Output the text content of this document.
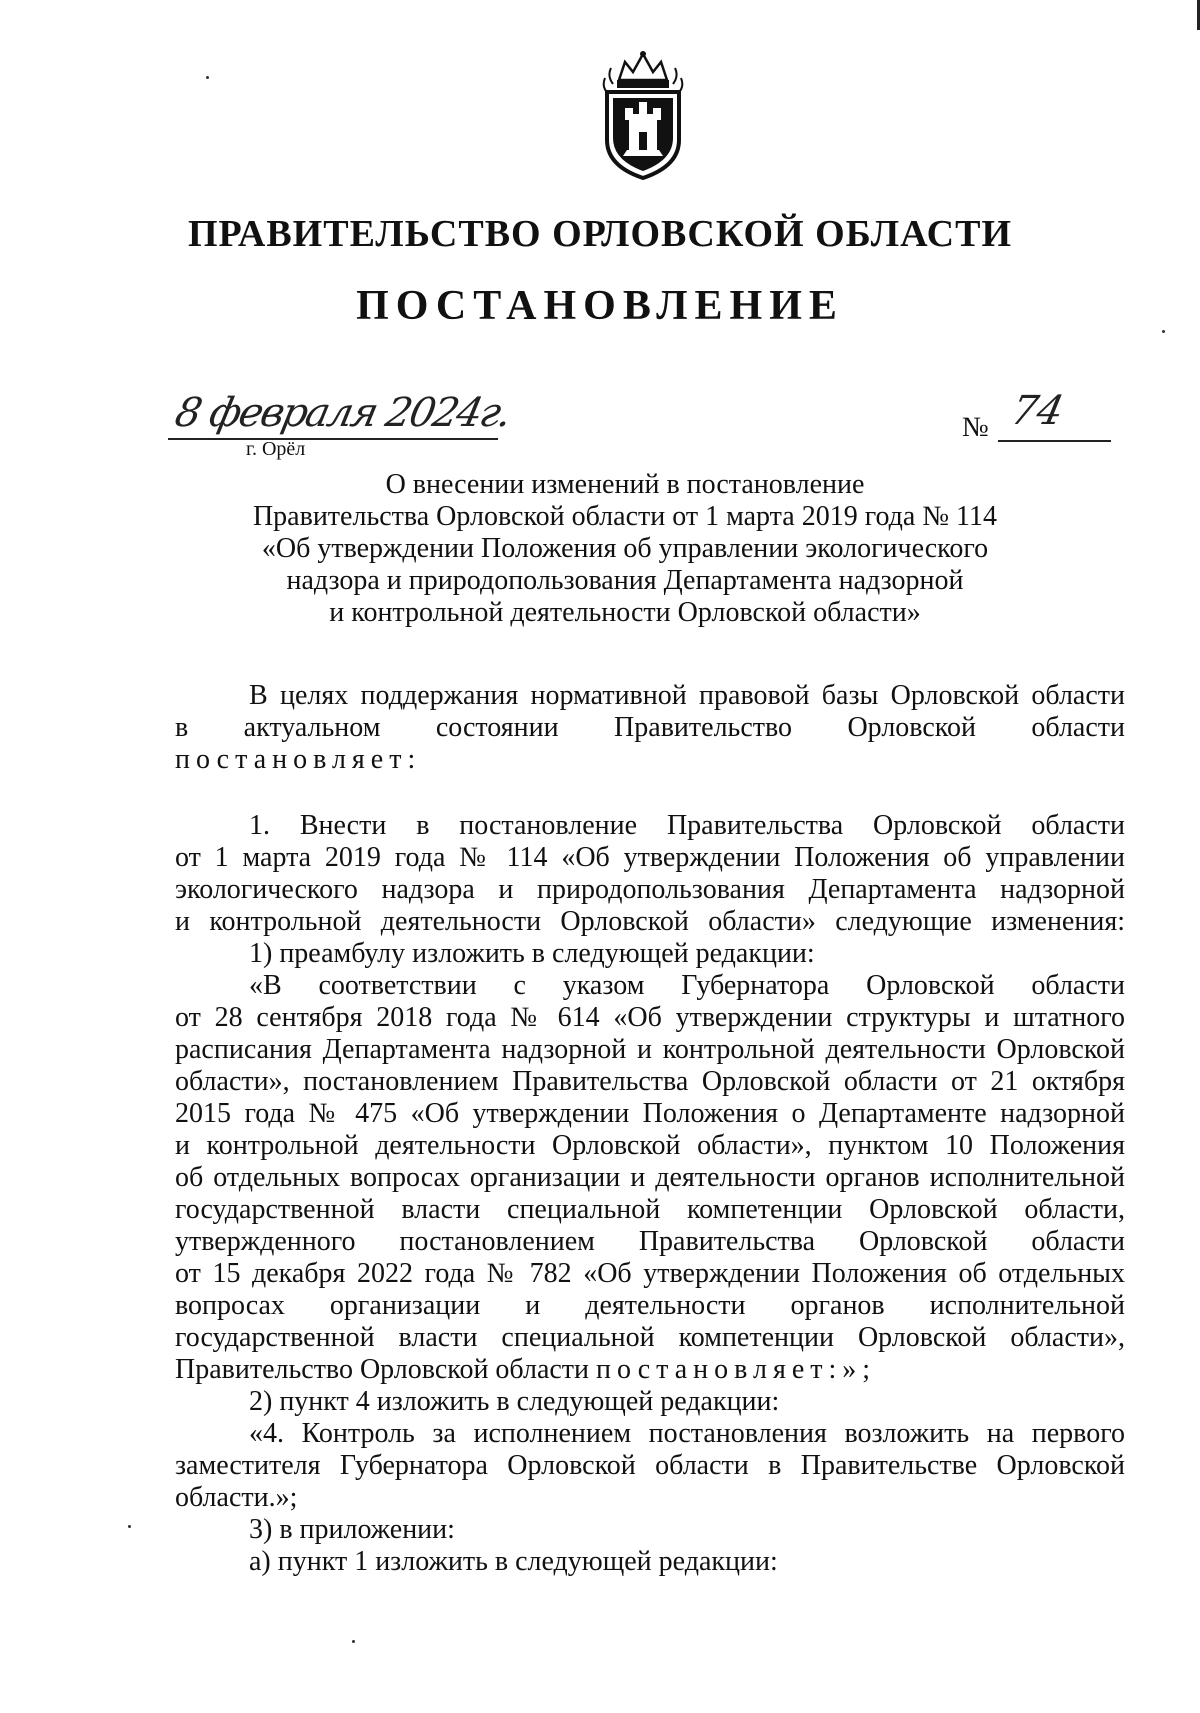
ПРАВИТЕЛЬСТВО ОРЛОВСКОЙ ОБЛАСТИ
ПОСТАНОВЛЕНИЕ
8 февраля 2024г.
г. Орёл
№ 74
О внесении изменений в постановление
Правительства Орловской области от 1 марта 2019 года № 114
«Об утверждении Положения об управлении экологического
надзора и природопользования Департамента надзорной
и контрольной деятельности Орловской области»
В целях поддержания нормативной правовой базы Орловской области
в актуальном состоянии Правительство Орловской области
постановляет:
1. Внести в постановление Правительства Орловской области
от 1 марта 2019 года № 114 «Об утверждении Положения об управлении
экологического надзора и природопользования Департамента надзорной
и контрольной деятельности Орловской области» следующие изменения:
1) преамбулу изложить в следующей редакции:
«В соответствии с указом Губернатора Орловской области
от 28 сентября 2018 года № 614 «Об утверждении структуры и штатного
расписания Департамента надзорной и контрольной деятельности Орловской
области», постановлением Правительства Орловской области от 21 октября
2015 года № 475 «Об утверждении Положения о Департаменте надзорной
и контрольной деятельности Орловской области», пунктом 10 Положения
об отдельных вопросах организации и деятельности органов исполнительной
государственной власти специальной компетенции Орловской области,
утвержденного постановлением Правительства Орловской области
от 15 декабря 2022 года № 782 «Об утверждении Положения об отдельных
вопросах организации и деятельности органов исполнительной
государственной власти специальной компетенции Орловской области»,
Правительство Орловской области постановляет:»;
2) пункт 4 изложить в следующей редакции:
«4. Контроль за исполнением постановления возложить на первого
заместителя Губернатора Орловской области в Правительстве Орловской
области.»;
3) в приложении:
а) пункт 1 изложить в следующей редакции:
